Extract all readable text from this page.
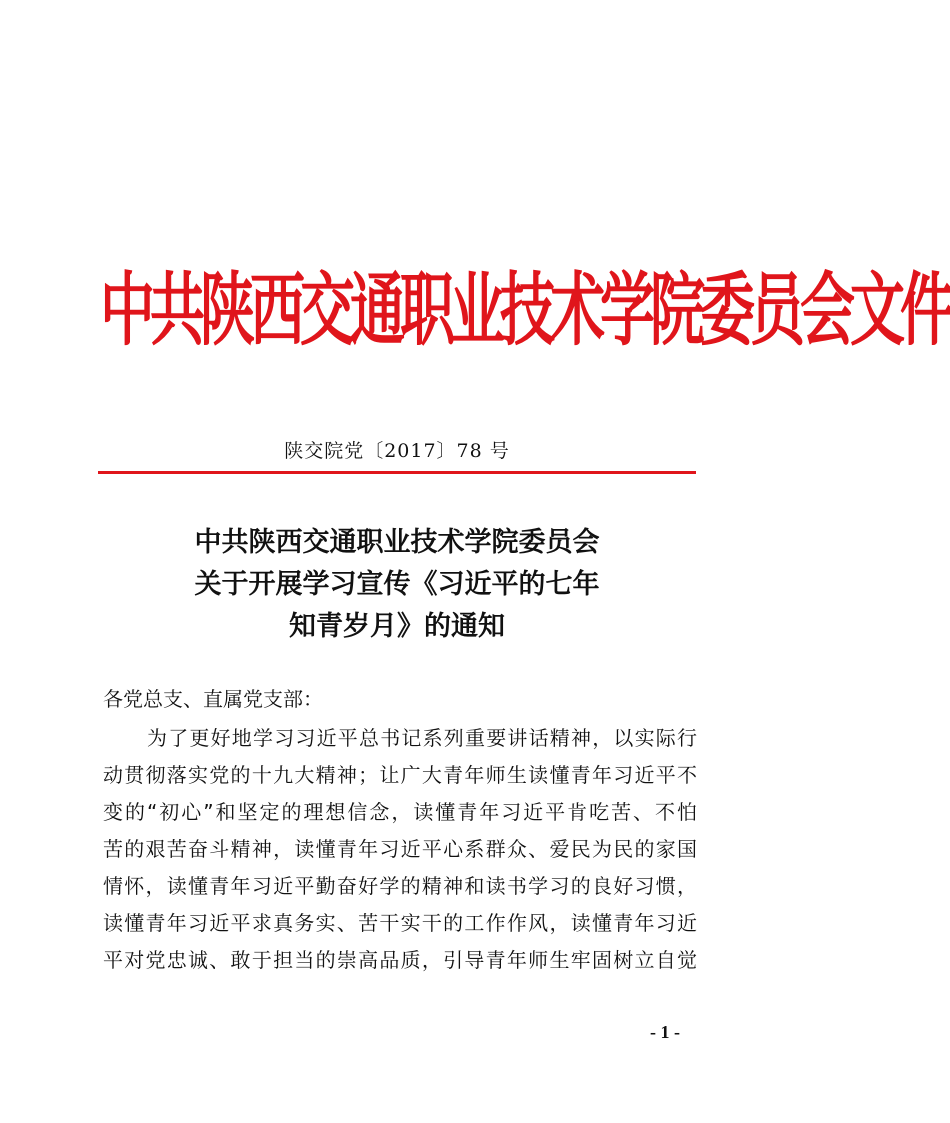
中共陕西交通职业技术学院委员会文件
陕交院党〔2017〕78 号
中共陕西交通职业技术学院委员会
关于开展学习宣传《习近平的七年
知青岁月》的通知
各党总支、直属党支部：
为了更好地学习习近平总书记系列重要讲话精神，以实际行
动贯彻落实党的十九大精神；让广大青年师生读懂青年习近平不
变的“初心”和坚定的理想信念，读懂青年习近平肯吃苦、不怕
苦的艰苦奋斗精神，读懂青年习近平心系群众、爱民为民的家国
情怀，读懂青年习近平勤奋好学的精神和读书学习的良好习惯，
读懂青年习近平求真务实、苦干实干的工作作风，读懂青年习近
平对党忠诚、敢于担当的崇高品质，引导青年师生牢固树立自觉
- 1 -
